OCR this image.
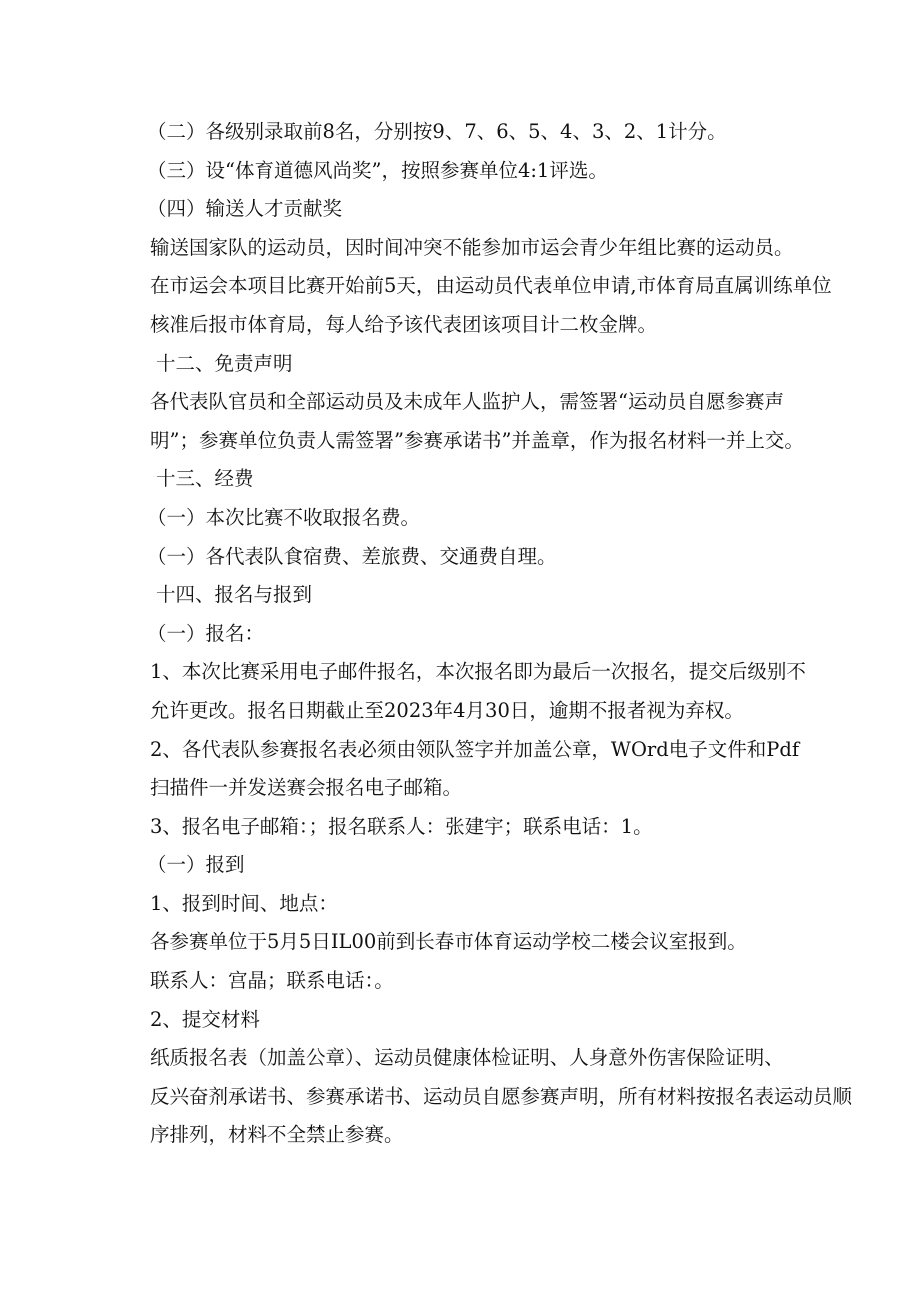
（二）各级别录取前8名，分别按9、7、6、5、4、3、2、1计分。

（三）设“体育道德风尚奖”，按照参赛单位4:1评选。

（四）输送人才贡献奖

输送国家队的运动员，因时间冲突不能参加市运会青少年组比赛的运动员。
在市运会本项目比赛开始前5天，由运动员代表单位申请,市体育局直属训练单位
核准后报市体育局，每人给予该代表团该项目计二枚金牌。

十二、免责声明

各代表队官员和全部运动员及未成年人监护人，需签署“运动员自愿参赛声
明”；参赛单位负责人需签署”参赛承诺书”并盖章，作为报名材料一并上交。

十三、经费

（一）本次比赛不收取报名费。

（一）各代表队食宿费、差旅费、交通费自理。

十四、报名与报到

（一）报名：

1、本次比赛采用电子邮件报名，本次报名即为最后一次报名，提交后级别不
允许更改。报名日期截止至2023年4月30日，逾期不报者视为弃权。

2、各代表队参赛报名表必须由领队签字并加盖公章，WOrd电子文件和Pdf
扫描件一并发送赛会报名电子邮箱。

3、报名电子邮箱：；报名联系人：张建宇；联系电话：1。

（一）报到

1、报到时间、地点：

各参赛单位于5月5日IL00前到长春市体育运动学校二楼会议室报到。

联系人：宫晶；联系电话：。

2、提交材料

纸质报名表（加盖公章）、运动员健康体检证明、人身意外伤害保险证明、
反兴奋剂承诺书、参赛承诺书、运动员自愿参赛声明，所有材料按报名表运动员顺
序排列，材料不全禁止参赛。
